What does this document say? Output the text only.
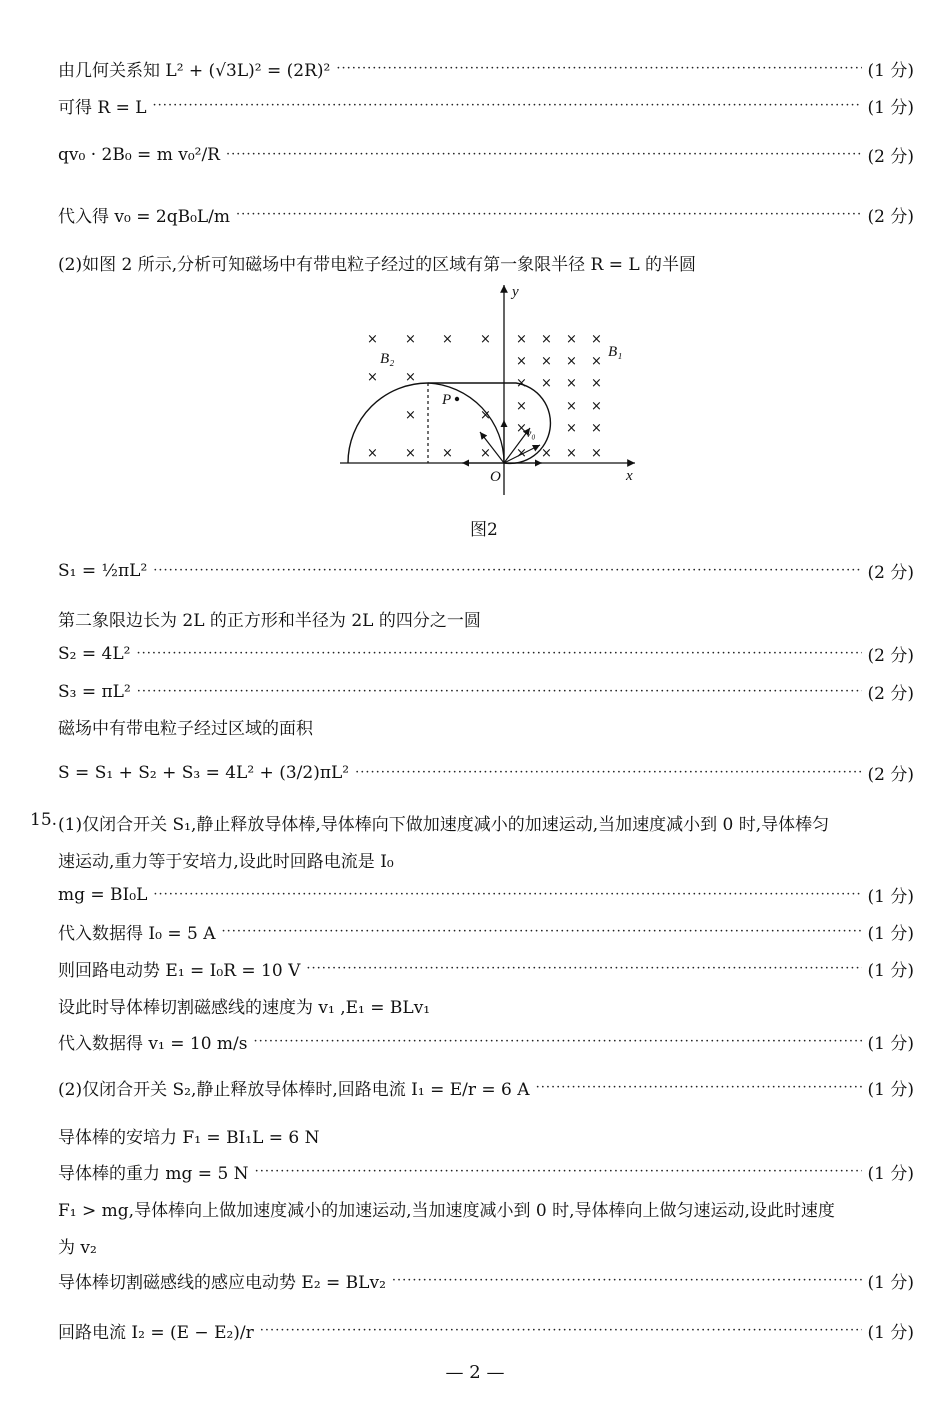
由几何关系知 L² + (√3L)² = (2R)² ·····	(1 分)
可得 R = L ·····	(1 分)
qv₀ · 2B₀ = m v₀²/R ·····	(2 分)
代入得 v₀ = 2qB₀L/m ·····	(2 分)
(2)如图 2 所示,分析可知磁场中有带电粒子经过的区域有第一象限半径 R = L 的半圆
× × × ×
× ×
×	×
× × × ×
× × × ×
× × × ×
× × × ×
×	× ×
×	× ×
× × × ×
y
x
O
B₁
B₂
P
v₀
图2
S₁ = ½πL² ·····	(2 分)
第二象限边长为 2L 的正方形和半径为 2L 的四分之一圆
S₂ = 4L² ·····	(2 分)
S₃ = πL² ·····	(2 分)
磁场中有带电粒子经过区域的面积
S = S₁ + S₂ + S₃ = 4L² + (3/2)πL² ·····	(2 分)
15. (1)仅闭合开关 S₁,静止释放导体棒,导体棒向下做加速度减小的加速运动,当加速度减小到 0 时,导体棒匀
速运动,重力等于安培力,设此时回路电流是 I₀
mg = BI₀L ·····	(1 分)
代入数据得 I₀ = 5 A ·····	(1 分)
则回路电动势 E₁ = I₀R = 10 V ·····	(1 分)
设此时导体棒切割磁感线的速度为 v₁ ,E₁ = BLv₁
代入数据得 v₁ = 10 m/s ·····	(1 分)
(2)仅闭合开关 S₂,静止释放导体棒时,回路电流 I₁ = E/r = 6 A ·····	(1 分)
导体棒的安培力 F₁ = BI₁L = 6 N
导体棒的重力 mg = 5 N ·····	(1 分)
F₁ > mg,导体棒向上做加速度减小的加速运动,当加速度减小到 0 时,导体棒向上做匀速运动,设此时速度
为 v₂
导体棒切割磁感线的感应电动势 E₂ = BLv₂ ·····	(1 分)
回路电流 I₂ = (E − E₂)/r ·····	(1 分)
— 2 —
